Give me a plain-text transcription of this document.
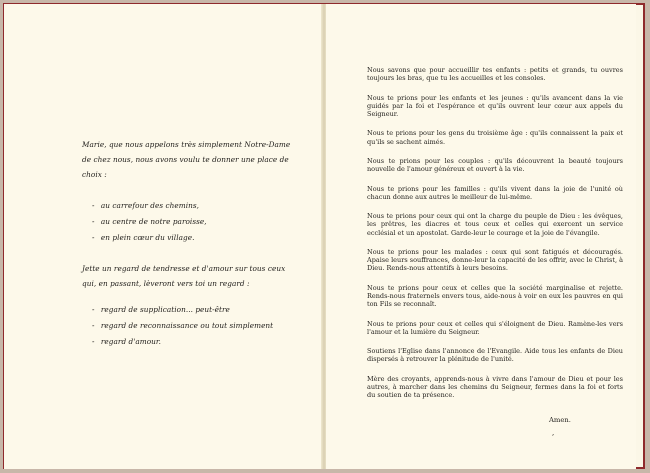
Marie, que nous appelons très simplement Notre-Dame de chez nous, nous avons voulu te donner une place de choix :

- au carrefour des chemins,
- au centre de notre paroisse,
- en plein cœur du village.

Jette un regard de tendresse et d'amour sur tous ceux qui, en passant, lèveront vers toi un regard :

- regard de supplication... peut-être
- regard de reconnaissance ou tout simplement
- regard d'amour.

Nous savons que pour accueillir tes enfants : petits et grands, tu ouvres toujours les bras, que tu les accueilles et les consoles.

Nous te prions pour les enfants et les jeunes : qu'ils avancent dans la vie guidés par la foi et l'espérance et qu'ils ouvrent leur cœur aux appels du Seigneur.

Nous te prions pour les gens du troisième âge : qu'ils connaissent la paix et qu'ils se sachent aimés.

Nous te prions pour les couples : qu'ils découvrent la beauté toujours nouvelle de l'amour généreux et ouvert à la vie.

Nous te prions pour les familles : qu'ils vivent dans la joie de l'unité où chacun donne aux autres le meilleur de lui-même.

Nous te prions pour ceux qui ont la charge du peuple de Dieu : les évêques, les prêtres, les diacres et tous ceux et celles qui exercent un service ecclésial et un apostolat. Garde-leur le courage et la joie de l'évangile.

Nous te prions pour les malades : ceux qui sont fatigués et découragés. Apaise leurs souffrances, donne-leur la capacité de les offrir, avec le Christ, à Dieu. Rends-nous attentifs à leurs besoins.

Nous te prions pour ceux et celles que la société marginalise et rejette. Rends-nous fraternels envers tous, aide-nous à voir en eux les pauvres en qui ton Fils se reconnaît.

Nous te prions pour ceux et celles qui s'éloignent de Dieu. Ramène-les vers l'amour et la lumière du Seigneur.

Soutiens l'Eglise dans l'annonce de l'Evangile. Aide tous les enfants de Dieu dispersés à retrouver la plénitude de l'unité.

Mère des croyants, apprends-nous à vivre dans l'amour de Dieu et pour les autres, à marcher dans les chemins du Seigneur, fermes dans la foi et forts du soutien de ta présence.

Amen.
,
